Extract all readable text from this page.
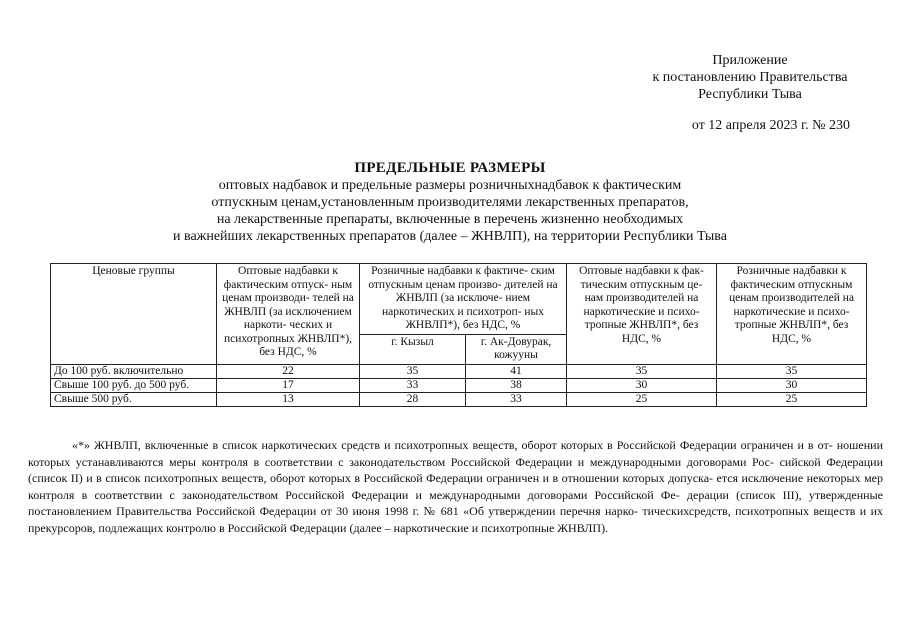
Приложение
к постановлению Правительства
Республики Тыва
от 12 апреля 2023 г. № 230
ПРЕДЕЛЬНЫЕ РАЗМЕРЫ
оптовых надбавок и предельные размеры розничныхнадбавок к фактическим
отпускным ценам,установленным производителями лекарственных препаратов,
на лекарственные препараты, включенные в перечень жизненно необходимых
и важнейших лекарственных препаратов (далее – ЖНВЛП), на территории Республики Тыва
Ценовые группы	Оптовые надбавки к фактическим отпуск- ным ценам производи- телей на ЖНВЛП (за исключением наркоти- ческих и психотропных ЖНВЛП*), без НДС, %	Розничные надбавки к фактиче- ским отпускным ценам произво- дителей на ЖНВЛП (за исключе- нием наркотических и психотроп- ных ЖНВЛП*), без НДС, %		Оптовые надбавки к фак- тическим отпускным це- нам производителей на наркотические и психо- тропные ЖНВЛП*, без НДС, %	Розничные надбавки к фактическим отпускным ценам производителей на наркотические и психо- тропные ЖНВЛП*, без НДС, %
		г. Кызыл	г. Ак-Довурак, кожууны		
До 100 руб. включительно	22	35	41	35	35
Свыше 100 руб. до 500 руб.	17	33	38	30	30
Свыше 500 руб.	13	28	33	25	25
«*» ЖНВЛП, включенные в список наркотических средств и психотропных веществ, оборот которых в Российской Федерации ограничен и в от- ношении которых устанавливаются меры контроля в соответствии с законодательством Российской Федерации и международными договорами Рос- сийской Федерации (список II) и в список психотропных веществ, оборот которых в Российской Федерации ограничен и в отношении которых допуска- ется исключение некоторых мер контроля в соответствии с законодательством Российской Федерации и международными договорами Российской Фе- дерации (список III), утвержденные постановлением Правительства Российской Федерации от 30 июня 1998 г. № 681 «Об утверждении перечня нарко- тическихсредств, психотропных веществ и их прекурсоров, подлежащих контролю в Российской Федерации (далее – наркотические и психотропные ЖНВЛП).
